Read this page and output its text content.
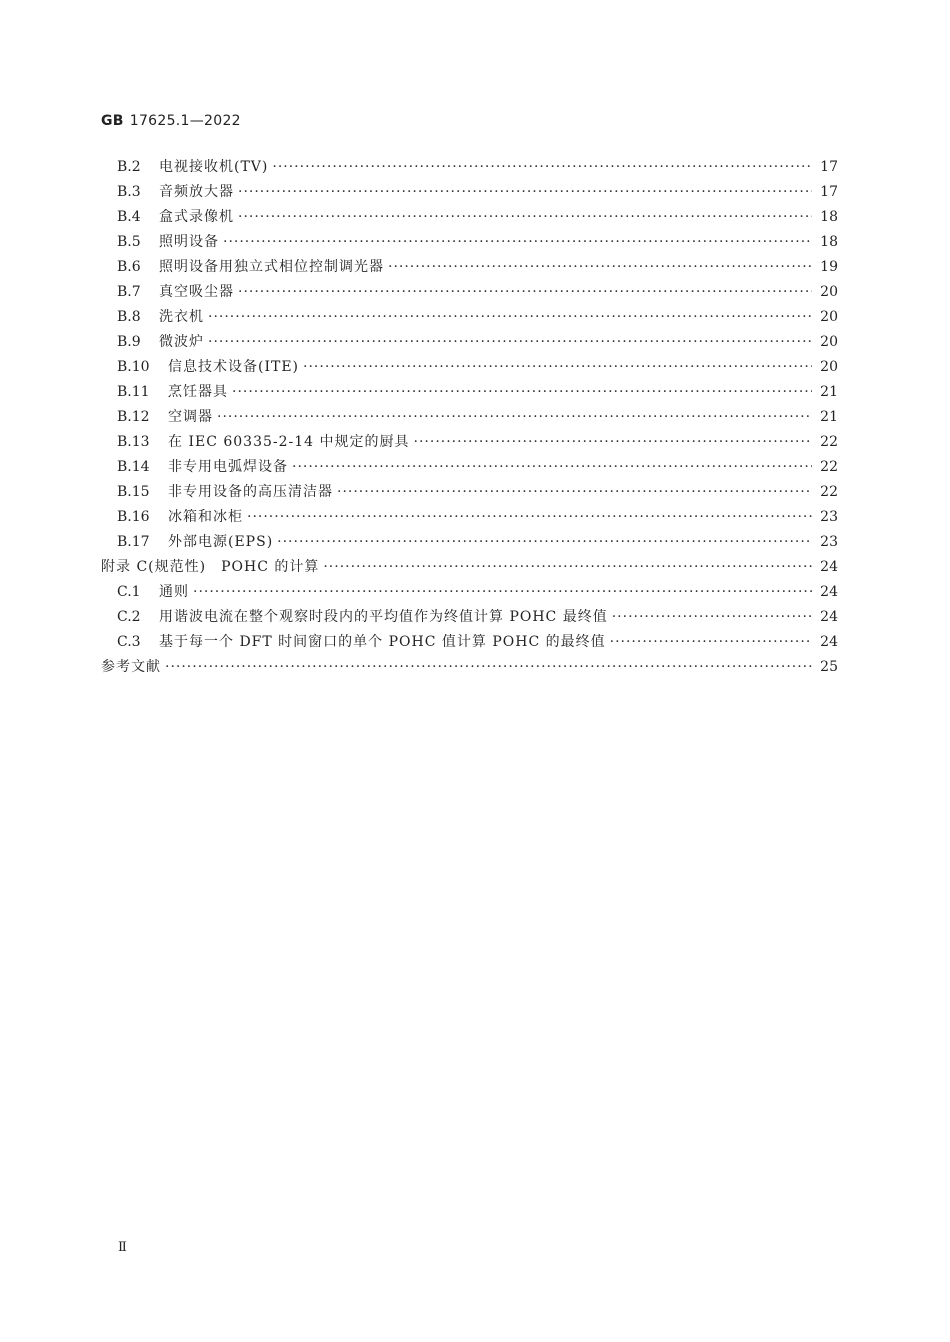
GB 17625.1—2022
B.2	电视接收机(TV) ·····	17
B.3	音频放大器 ·····	17
B.4	盒式录像机 ·····	18
B.5	照明设备 ·····	18
B.6	照明设备用独立式相位控制调光器 ·····	19
B.7	真空吸尘器 ·····	20
B.8	洗衣机 ·····	20
B.9	微波炉 ·····	20
B.10	信息技术设备(ITE) ·····	20
B.11	烹饪器具 ·····	21
B.12	空调器 ·····	21
B.13	在 IEC 60335-2-14 中规定的厨具 ·····	22
B.14	非专用电弧焊设备 ·····	22
B.15	非专用设备的高压清洁器 ·····	22
B.16	冰箱和冰柜 ·····	23
B.17	外部电源(EPS) ·····	23
附录 C(规范性)　POHC 的计算 ·····	24
C.1	通则 ·····	24
C.2	用谐波电流在整个观察时段内的平均值作为终值计算 POHC 最终值 ·····	24
C.3	基于每一个 DFT 时间窗口的单个 POHC 值计算 POHC 的最终值 ·····	24
参考文献 ·····	25
Ⅱ
